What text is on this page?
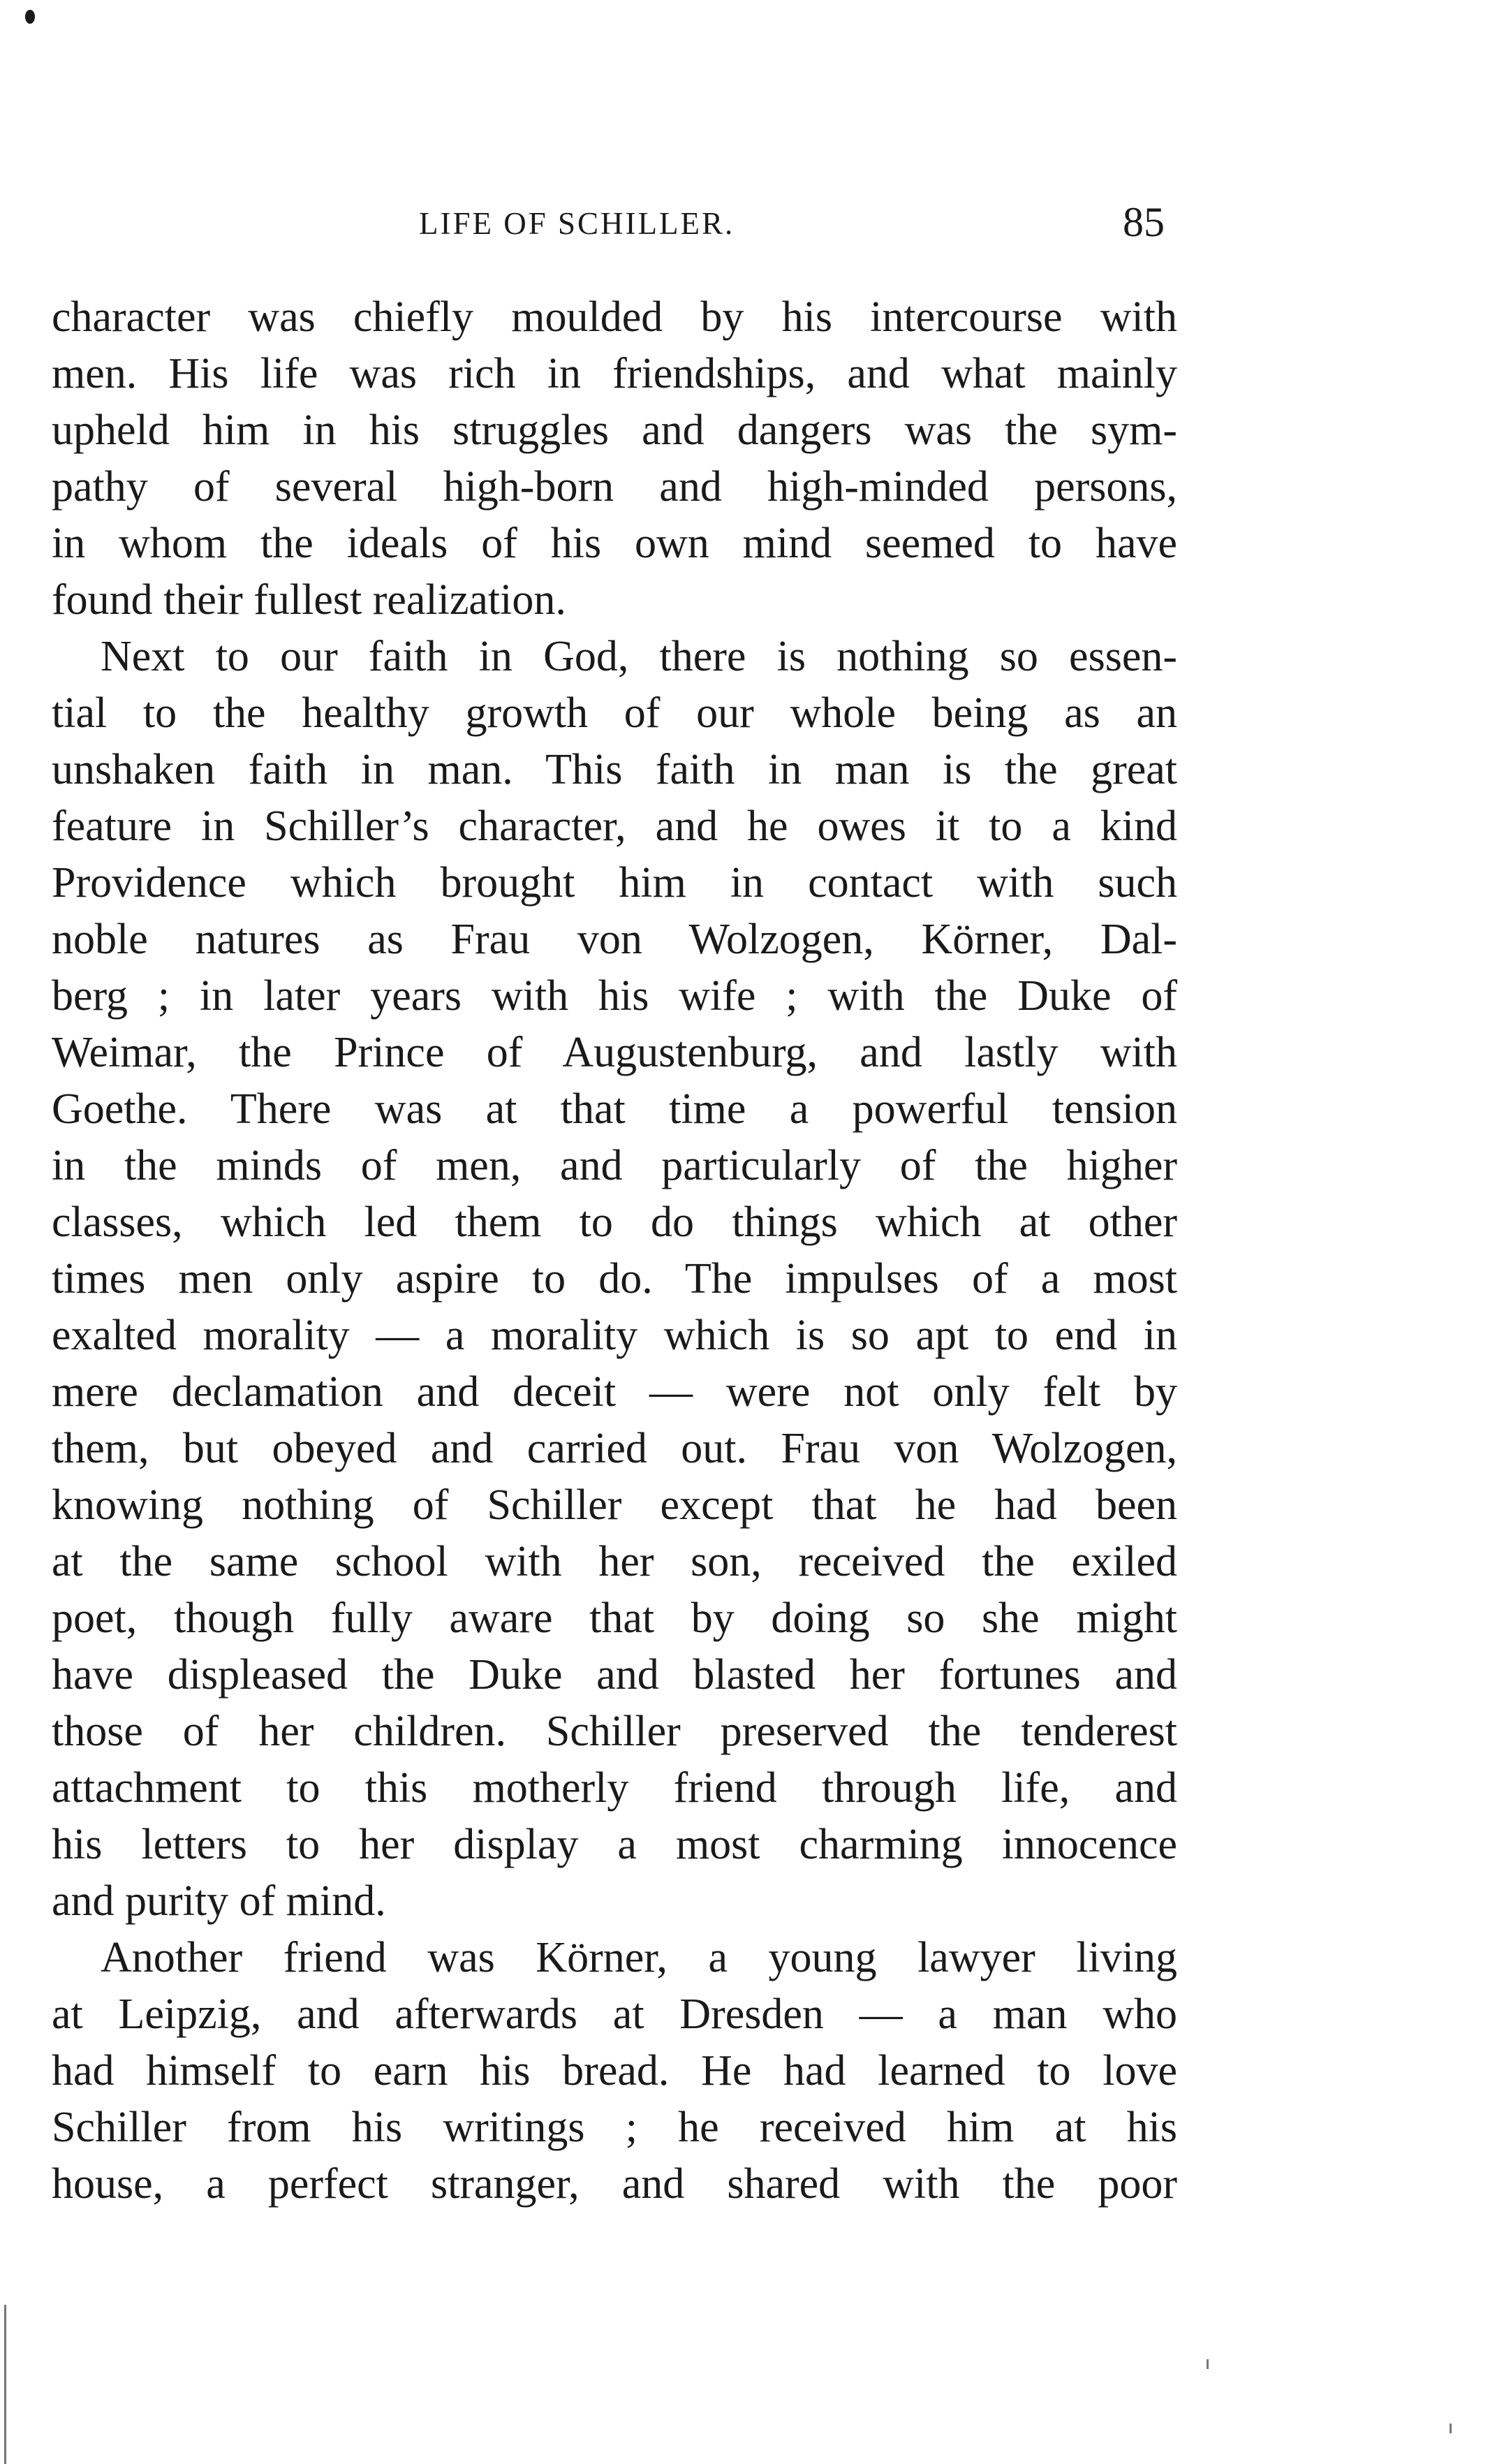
LIFE OF SCHILLER.	85
character was chiefly moulded by his intercourse with
men. His life was rich in friendships, and what mainly
upheld him in his struggles and dangers was the sym-
pathy of several high-born and high-minded persons,
in whom the ideals of his own mind seemed to have
found their fullest realization.
Next to our faith in God, there is nothing so essen-
tial to the healthy growth of our whole being as an
unshaken faith in man. This faith in man is the great
feature in Schiller’s character, and he owes it to a kind
Providence which brought him in contact with such
noble natures as Frau von Wolzogen, Körner, Dal-
berg ; in later years with his wife ; with the Duke of
Weimar, the Prince of Augustenburg, and lastly with
Goethe. There was at that time a powerful tension
in the minds of men, and particularly of the higher
classes, which led them to do things which at other
times men only aspire to do. The impulses of a most
exalted morality — a morality which is so apt to end in
mere declamation and deceit — were not only felt by
them, but obeyed and carried out. Frau von Wolzogen,
knowing nothing of Schiller except that he had been
at the same school with her son, received the exiled
poet, though fully aware that by doing so she might
have displeased the Duke and blasted her fortunes and
those of her children. Schiller preserved the tenderest
attachment to this motherly friend through life, and
his letters to her display a most charming innocence
and purity of mind.
Another friend was Körner, a young lawyer living
at Leipzig, and afterwards at Dresden — a man who
had himself to earn his bread. He had learned to love
Schiller from his writings ; he received him at his
house, a perfect stranger, and shared with the poor
